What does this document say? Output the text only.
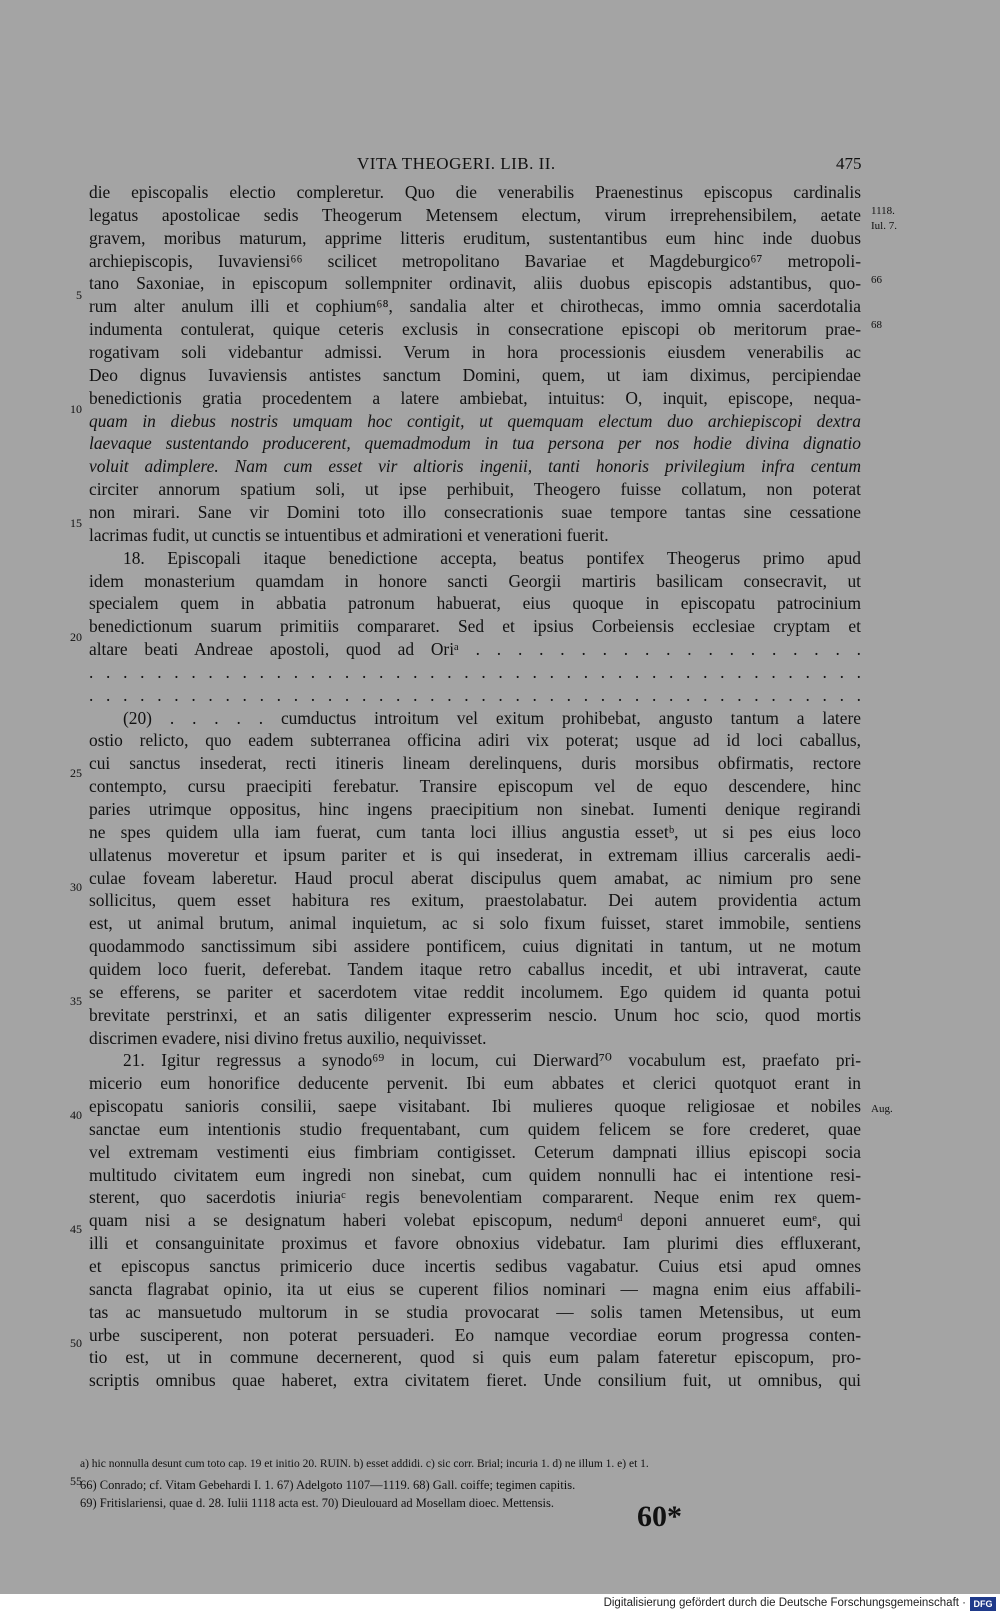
VITA THEOGERI. LIB. II.	475
die episcopalis electio compleretur. Quo die venerabilis Praenestinus episcopus cardinalis
legatus apostolicae sedis Theogerum Metensem electum, virum irreprehensibilem, aetate
gravem, moribus maturum, apprime litteris eruditum, sustentantibus eum hinc inde duobus
archiepiscopis, Iuvaviensi⁶⁶ scilicet metropolitano Bavariae et Magdeburgico⁶⁷ metropoli-
tano Saxoniae, in episcopum sollempniter ordinavit, aliis duobus episcopis adstantibus, quo-
rum alter anulum illi et cophium⁶⁸, sandalia alter et chirothecas, immo omnia sacerdotalia
indumenta contulerat, quique ceteris exclusis in consecratione episcopi ob meritorum prae-
rogativam soli videbantur admissi. Verum in hora processionis eiusdem venerabilis ac
Deo dignus Iuvaviensis antistes sanctum Domini, quem, ut iam diximus, percipiendae
benedictionis gratia procedentem a latere ambiebat, intuitus: O, inquit, episcope, nequa-
quam in diebus nostris umquam hoc contigit, ut quemquam electum duo archiepiscopi dextra
laevaque sustentando producerent, quemadmodum in tua persona per nos hodie divina dignatio
voluit adimplere. Nam cum esset vir altioris ingenii, tanti honoris privilegium infra centum
circiter annorum spatium soli, ut ipse perhibuit, Theogero fuisse collatum, non poterat
non mirari. Sane vir Domini toto illo consecrationis suae tempore tantas sine cessatione
lacrimas fudit, ut cunctis se intuentibus et admirationi et venerationi fuerit.
18. Episcopali itaque benedictione accepta, beatus pontifex Theogerus primo apud
idem monasterium quamdam in honore sancti Georgii martiris basilicam consecravit, ut
specialem quem in abbatia patronum habuerat, eius quoque in episcopatu patrocinium
benedictionum suarum primitiis compararet. Sed et ipsius Corbeiensis ecclesiae cryptam et
altare beati Andreae apostoli, quod ad Oriᵃ . . . . . . . . . . . . . . . . . . .
. . . . . . . . . . . . . . . . . . . . . . . . . . . . . . . . . . . . . . . . . . . . . .
. . . . . . . . . . . . . . . . . . . . . . . . . . . . . . . . . . . . . . . . . . . . . .
(20) . . . . . cumductus introitum vel exitum prohibebat, angusto tantum a latere
ostio relicto, quo eadem subterranea officina adiri vix poterat; usque ad id loci caballus,
cui sanctus insederat, recti itineris lineam derelinquens, duris morsibus obfirmatis, rectore
contempto, cursu praecipiti ferebatur. Transire episcopum vel de equo descendere, hinc
paries utrimque oppositus, hinc ingens praecipitium non sinebat. Iumenti denique regirandi
ne spes quidem ulla iam fuerat, cum tanta loci illius angustia essetᵇ, ut si pes eius loco
ullatenus moveretur et ipsum pariter et is qui insederat, in extremam illius carceralis aedi-
culae foveam laberetur. Haud procul aberat discipulus quem amabat, ac nimium pro sene
sollicitus, quem esset habitura res exitum, praestolabatur. Dei autem providentia actum
est, ut animal brutum, animal inquietum, ac si solo fixum fuisset, staret immobile, sentiens
quodammodo sanctissimum sibi assidere pontificem, cuius dignitati in tantum, ut ne motum
quidem loco fuerit, deferebat. Tandem itaque retro caballus incedit, et ubi intraverat, caute
se efferens, se pariter et sacerdotem vitae reddit incolumem. Ego quidem id quanta potui
brevitate perstrinxi, et an satis diligenter expresserim nescio. Unum hoc scio, quod mortis
discrimen evadere, nisi divino fretus auxilio, nequivisset.
21. Igitur regressus a synodo⁶⁹ in locum, cui Dierward⁷⁰ vocabulum est, praefato pri-
micerio eum honorifice deducente pervenit. Ibi eum abbates et clerici quotquot erant in
episcopatu sanioris consilii, saepe visitabant. Ibi mulieres quoque religiosae et nobiles
sanctae eum intentionis studio frequentabant, cum quidem felicem se fore crederet, quae
vel extremam vestimenti eius fimbriam contigisset. Ceterum dampnati illius episcopi socia
multitudo civitatem eum ingredi non sinebat, cum quidem nonnulli hac ei intentione resi-
sterent, quo sacerdotis iniuriaᶜ regis benevolentiam compararent. Neque enim rex quem-
quam nisi a se designatum haberi volebat episcopum, nedumᵈ deponi annueret eumᵉ, qui
illi et consanguinitate proximus et favore obnoxius videbatur. Iam plurimi dies effluxerant,
et episcopus sanctus primicerio duce incertis sedibus vagabatur. Cuius etsi apud omnes
sancta flagrabat opinio, ita ut eius se cuperent filios nominari — magna enim eius affabili-
tas ac mansuetudo multorum in se studia provocarat — solis tamen Metensibus, ut eum
urbe susciperent, non poterat persuaderi. Eo namque vecordiae eorum progressa conten-
tio est, ut in commune decernerent, quod si quis eum palam fateretur episcopum, pro-
scriptis omnibus quae haberet, extra civitatem fieret. Unde consilium fuit, ut omnibus, qui
5
10
15
20
25
30
35
40
45
50
55
1118.
Iul. 7.
66
68
Aug.
a) hic nonnulla desunt cum toto cap. 19 et initio 20. RUIN. b) esset addidi. c) sic corr. Brial; incuria 1. d) ne illum 1. e) et 1.
66) Conrado; cf. Vitam Gebehardi I. 1. 67) Adelgoto 1107—1119. 68) Gall. coiffe; tegimen capitis.
69) Fritislariensi, quae d. 28. Iulii 1118 acta est. 70) Dieulouard ad Mosellam dioec. Mettensis.	60*
Digitalisierung gefördert durch die Deutsche Forschungsgemeinschaft · DFG
